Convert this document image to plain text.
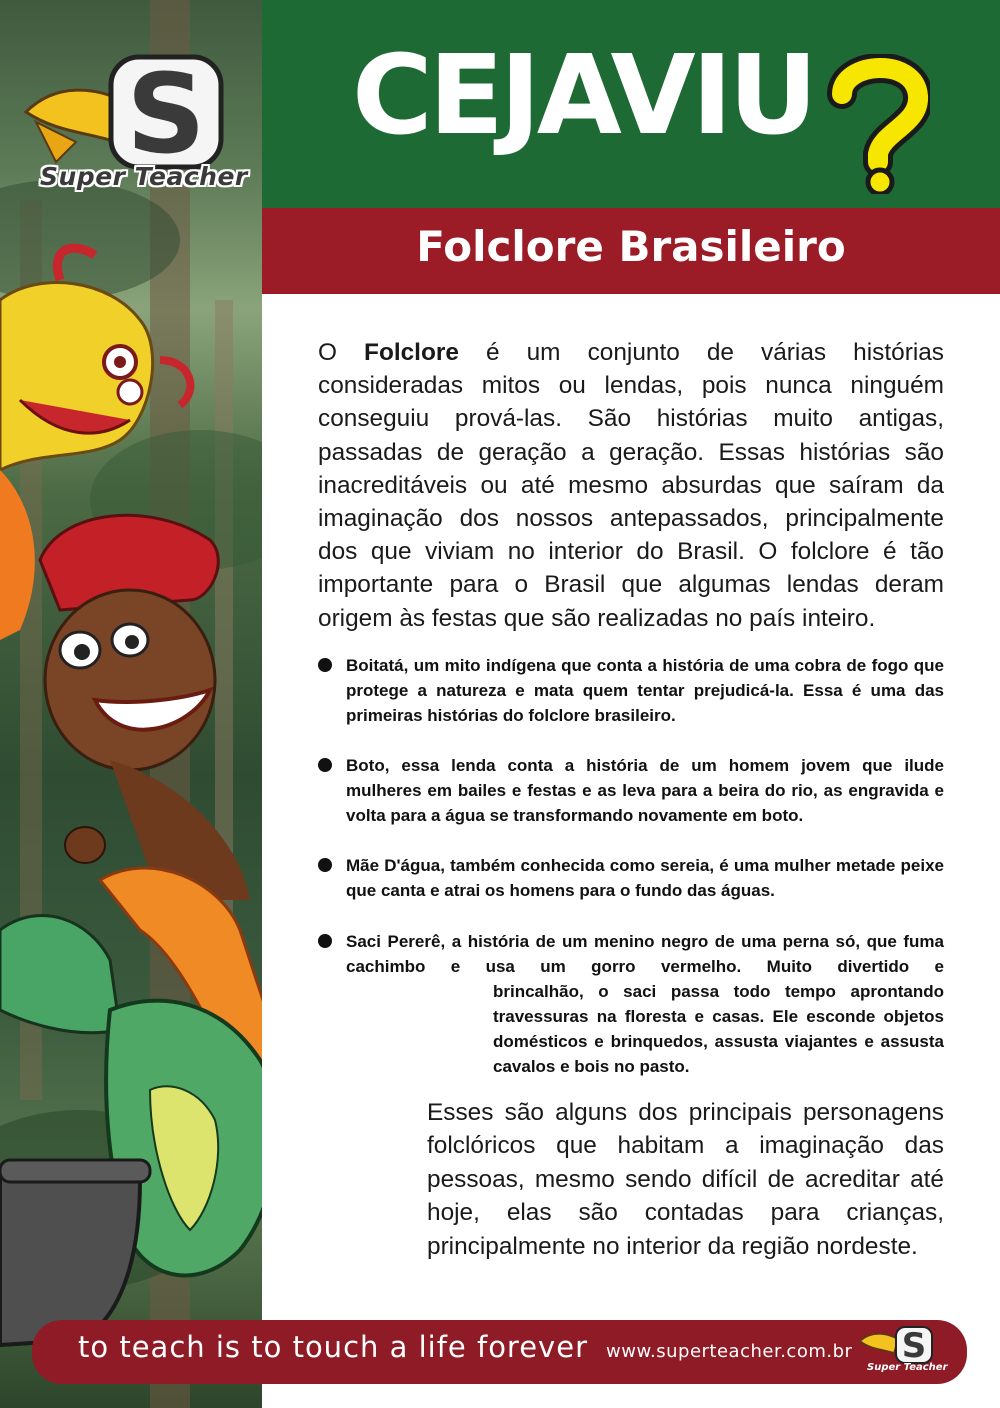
S
Super Teacher
CEJAVIU
Folclore Brasileiro

O Folclore é um conjunto de várias histórias consideradas mitos ou lendas, pois nunca ninguém conseguiu prová-las. São histórias muito antigas, passadas de geração a geração. Essas histórias são inacreditáveis ou até mesmo absurdas que saíram da imaginação dos nossos antepassados, principalmente dos que viviam no interior do Brasil. O folclore é tão importante para o Brasil que algumas lendas deram origem às festas que são realizadas no país inteiro.

Boitatá, um mito indígena que conta a história de uma cobra de fogo que protege a natureza e mata quem tentar prejudicá-la. Essa é uma das primeiras histórias do folclore brasileiro.
Boto, essa lenda conta a história de um homem jovem que ilude mulheres em bailes e festas e as leva para a beira do rio, as engravida e volta para a água se transformando novamente em boto.
Mãe D'água, também conhecida como sereia, é uma mulher metade peixe que canta e atrai os homens para o fundo das águas.
Saci Pererê, a história de um menino negro de uma perna só, que fuma cachimbo e usa um gorro vermelho. Muito divertido e
brincalhão, o saci passa todo tempo aprontando travessuras na floresta e casas. Ele esconde objetos domésticos e brinquedos, assusta viajantes e assusta cavalos e bois no pasto.

Esses são alguns dos principais personagens folclóricos que habitam a imaginação das pessoas, mesmo sendo difícil de acreditar até hoje, elas são contadas para crianças, principalmente no interior da região nordeste.

to teach is to touch a life forever www.superteacher.com.br S
Super Teacher
